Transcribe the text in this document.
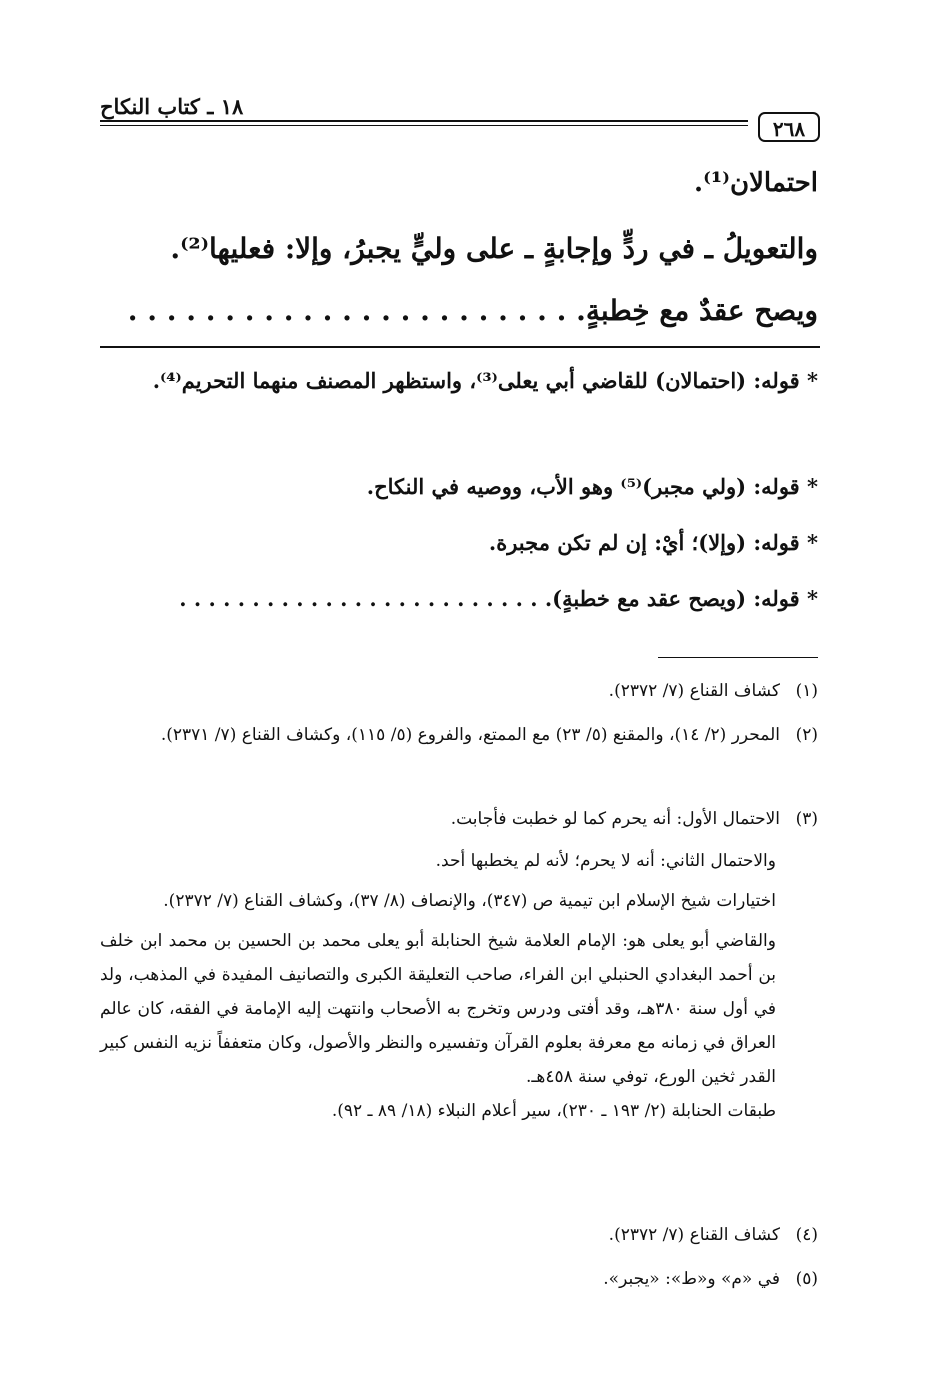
١٨ ـ كتاب النكاح
٢٦٨
احتمالان⁽¹⁾.
والتعويلُ ـ في ردٍّ وإجابةٍ ـ على وليٍّ يجبرُ، وإلا: فعليها⁽²⁾.
ويصح عقدٌ مع خِطبةٍ. . . . . . . . . . . . . . . . . . . . . . . .
* قوله: (احتمالان) للقاضي أبي يعلى⁽³⁾، واستظهر المصنف منهما التحريم⁽⁴⁾.
* قوله: (ولي مجبر)⁽⁵⁾ وهو الأب، ووصيه في النكاح.
* قوله: (وإلا)؛ أيْ: إن لم تكن مجبرة.
* قوله: (ويصح عقد مع خطبةٍ). . . . . . . . . . . . . . . . . . . . . . . . . .
(١)كشاف القناع (٧/ ٢٣٧٢).
(٢)المحرر (٢/ ١٤)، والمقنع (٥/ ٢٣) مع الممتع، والفروع (٥/ ١١٥)، وكشاف القناع (٧/ ٢٣٧١).
(٣)الاحتمال الأول: أنه يحرم كما لو خطبت فأجابت.
والاحتمال الثاني: أنه لا يحرم؛ لأنه لم يخطبها أحد.
اختيارات شيخ الإسلام ابن تيمية ص (٣٤٧)، والإنصاف (٨/ ٣٧)، وكشاف القناع (٧/ ٢٣٧٢).
والقاضي أبو يعلى هو: الإمام العلامة شيخ الحنابلة أبو يعلى محمد بن الحسين بن محمد ابن خلف بن أحمد البغدادي الحنبلي ابن الفراء، صاحب التعليقة الكبرى والتصانيف المفيدة في المذهب، ولد في أول سنة ٣٨٠هـ، وقد أفتى ودرس وتخرج به الأصحاب وانتهت إليه الإمامة في الفقه، كان عالم العراق في زمانه مع معرفة بعلوم القرآن وتفسيره والنظر والأصول، وكان متعففاً نزيه النفس كبير القدر ثخين الورع، توفي سنة ٤٥٨هـ.
طبقات الحنابلة (٢/ ١٩٣ ـ ٢٣٠)، سير أعلام النبلاء (١٨/ ٨٩ ـ ٩٢).
(٤)كشاف القناع (٧/ ٢٣٧٢).
(٥)في «م» و«ط»: «يجبر».
